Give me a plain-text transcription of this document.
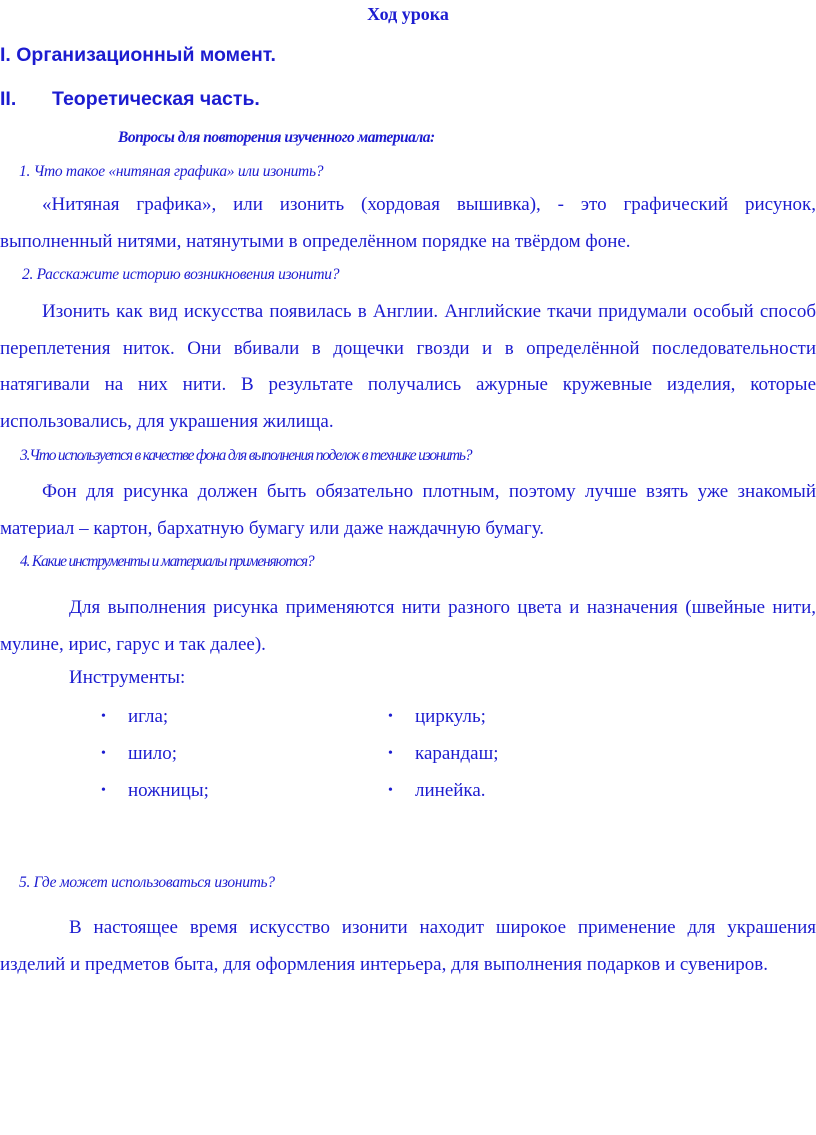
Ход урока
I. Организационный момент.
II. Теоретическая часть.
Вопросы для повторения изученного материала:
1. Что такое «нитяная графика» или изонить?
«Нитяная графика», или изонить (хордовая вышивка), - это графический рисунок, выполненный нитями, натянутыми в определённом порядке на твёрдом фоне.
2. Расскажите историю возникновения изонити?
Изонить как вид искусства появилась в Англии. Английские ткачи придумали особый способ переплетения ниток. Они вбивали в дощечки гвозди и в определённой последовательности натягивали на них нити. В результате получались ажурные кружевные изделия, которые использовались, для украшения жилища.
3.Что используется в качестве фона для выполнения поделок в технике изонить?
Фон для рисунка должен быть обязательно плотным, поэтому лучше взять уже знакомый материал – картон, бархатную бумагу или даже наждачную бумагу.
4. Какие инструменты и материалы применяются?
Для выполнения рисунка применяются нити разного цвета и назначения (швейные нити, мулине, ирис, гарус и так далее).
Инструменты:
• игла;
• шило;
• ножницы;
• циркуль;
• карандаш;
• линейка.
5. Где может использоваться изонить?
В настоящее время искусство изонити находит широкое применение для украшения изделий и предметов быта, для оформления интерьера, для выполнения подарков и сувениров.
